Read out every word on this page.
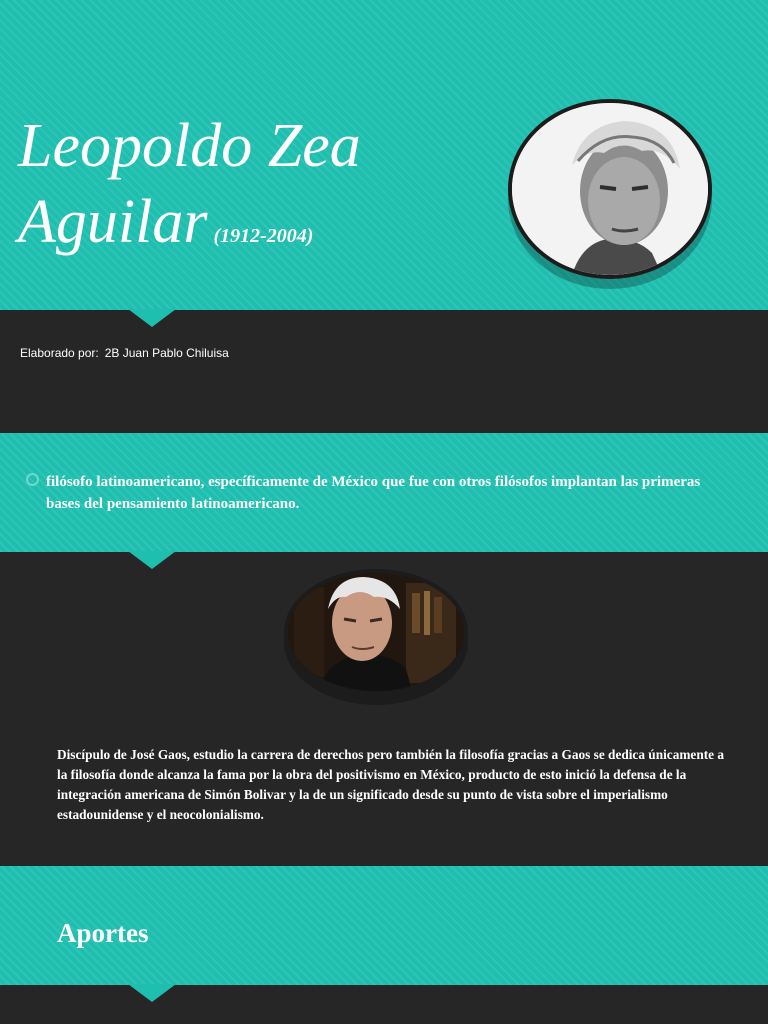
Leopoldo Zea
Aguilar (1912-2004)
Elaborado por: 2B Juan Pablo Chiluisa

filósofo latinoamericano, específicamente de México que fue con otros filósofos implantan las primeras bases del pensamiento latinoamericano.

Discípulo de José Gaos, estudio la carrera de derechos pero también la filosofía gracias a Gaos se dedica únicamente a la filosofía donde alcanza la fama por la obra del positivismo en México, producto de esto inició la defensa de la integración americana de Simón Bolivar y la de un significado desde su punto de vista sobre el imperialismo estadounidense y el neocolonialismo.

Aportes
